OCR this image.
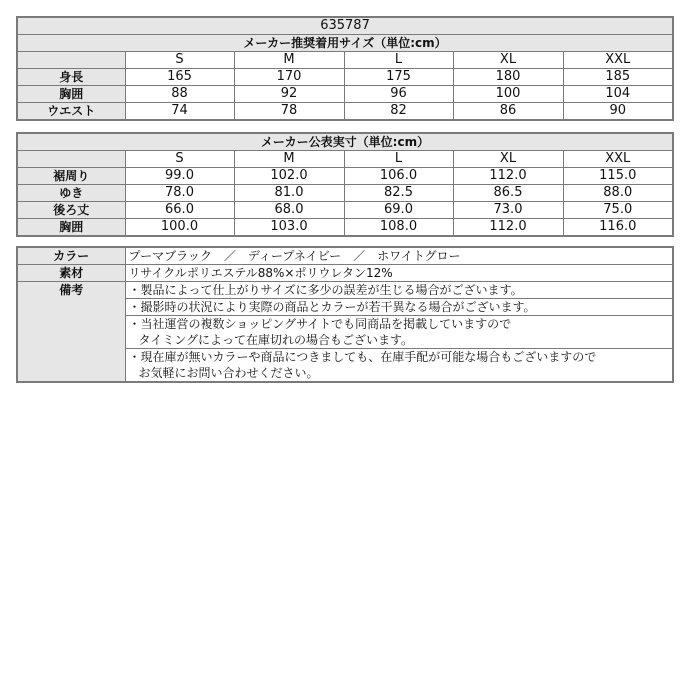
635787					
メーカー推奨着用サイズ（単位:cm）					
	S	M	L	XL	XXL
身長	165	170	175	180	185
胸囲	88	92	96	100	104
ウエスト	74	78	82	86	90
メーカー公表実寸（単位:cm）					
	S	M	L	XL	XXL
裾周り	99.0	102.0	106.0	112.0	115.0
ゆき	78.0	81.0	82.5	86.5	88.0
後ろ丈	66.0	68.0	69.0	73.0	75.0
胸囲	100.0	103.0	108.0	112.0	116.0
カラー	プーマブラック　／　ディープネイビー　／　ホワイトグロー
素材	リサイクルポリエステル88%×ポリウレタン12%
備考	・製品によって仕上がりサイズに多少の誤差が生じる場合がございます。

	・撮影時の状況により実際の商品とカラーが若干異なる場合がございます。

	・当社運営の複数ショッピングサイトでも同商品を掲載していますので
タイミングによって在庫切れの場合もございます。

	・現在庫が無いカラーや商品につきましても、在庫手配が可能な場合もございますので
お気軽にお問い合わせください。
